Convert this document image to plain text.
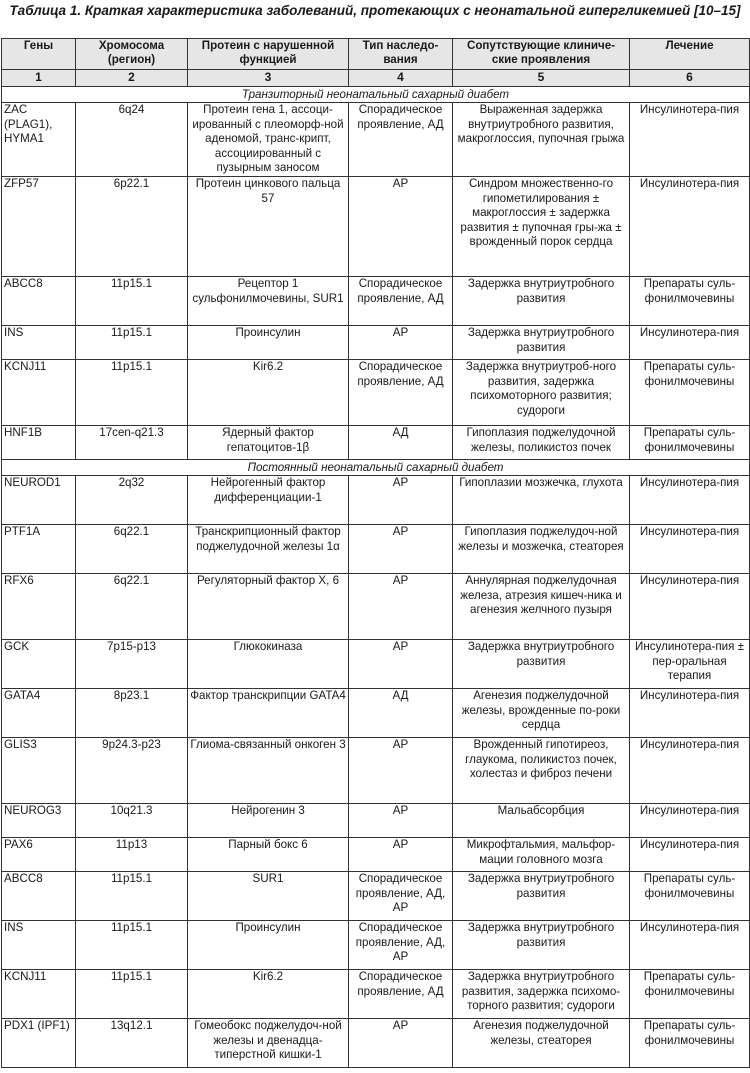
Таблица 1. Краткая характеристика заболеваний, протекающих с неонатальной гипергликемией [10–15]
Гены	Хромосома (регион)	Протеин с нарушенной функцией	Тип наследо-вания	Сопутствующие клиниче-ские проявления	Лечение
1	2	3	4	5	6
Транзиторный неонатальный сахарный диабет					
ZAC (PLAG1), HYMA1	6q24	Протеин гена 1, ассоци-ированный с плеоморф-ной аденомой, транс-крипт, ассоциированный с пузырным заносом	Спорадическое проявление, АД	Выраженная задержка внутриутробного развития, макроглоссия, пупочная грыжа	Инсулинотера-пия
ZFP57	6p22.1	Протеин цинкового пальца 57	АР	Синдром множественно-го гипометилирования ± макроглоссия ± задержка развития ± пупочная гры-жа ± врожденный порок сердца	Инсулинотера-пия
ABCC8	11p15.1	Рецептор 1 сульфонилмочевины, SUR1	Спорадическое проявление, АД	Задержка внутриутробного развития	Препараты суль-фонилмочевины
INS	11p15.1	Проинсулин	АР	Задержка внутриутробного развития	Инсулинотера-пия
KCNJ11	11p15.1	Kir6.2	Спорадическое проявление, АД	Задержка внутриутроб-ного развития, задержка психомоторного развития; судороги	Препараты суль-фонилмочевины
HNF1B	17cen-q21.3	Ядерный фактор гепатоцитов-1β	АД	Гипоплазия поджелудочной железы, поликистоз почек	Препараты суль-фонилмочевины
Постоянный неонатальный сахарный диабет					
NEUROD1	2q32	Нейрогенный фактор дифференциации-1	АР	Гипоплазии мозжечка, глухота	Инсулинотера-пия
PTF1A	6q22.1	Транскрипционный фактор поджелудочной железы 1α	АР	Гипоплазия поджелудоч-ной железы и мозжечка, стеаторея	Инсулинотера-пия
RFX6	6q22.1	Регуляторный фактор X, 6	АР	Аннулярная поджелудочная железа, атрезия кишеч-ника и агенезия желчного пузыря	Инсулинотера-пия
GCK	7p15-p13	Глюкокиназа	АР	Задержка внутриутробного развития	Инсулинотера-пия ± пер-оральная терапия
GATA4	8p23.1	Фактор транскрипции GATA4	АД	Агенезия поджелудочной железы, врожденные по-роки сердца	Инсулинотера-пия
GLIS3	9p24.3-p23	Глиома-связанный онкоген 3	АР	Врожденный гипотиреоз, глаукома, поликистоз почек, холестаз и фиброз печени	Инсулинотера-пия
NEUROG3	10q21.3	Нейрогенин 3	АР	Мальабсорбция	Инсулинотера-пия
PAX6	11p13	Парный бокс 6	АР	Микрофтальмия, мальфор-мации головного мозга	Инсулинотера-пия
ABCC8	11p15.1	SUR1	Спорадическое проявление, АД, АР	Задержка внутриутробного развития	Препараты суль-фонилмочевины
INS	11p15.1	Проинсулин	Спорадическое проявление, АД, АР	Задержка внутриутробного развития	Инсулинотера-пия
KCNJ11	11p15.1	Kir6.2	Спорадическое проявление, АД	Задержка внутриутробного развития, задержка психомо-торного развития; судороги	Препараты суль-фонилмочевины
PDX1 (IPF1)	13q12.1	Гомеобокс поджелудоч-ной железы и двенадца-типерстной кишки-1	АР	Агенезия поджелудочной железы, стеаторея	Препараты суль-фонилмочевины
